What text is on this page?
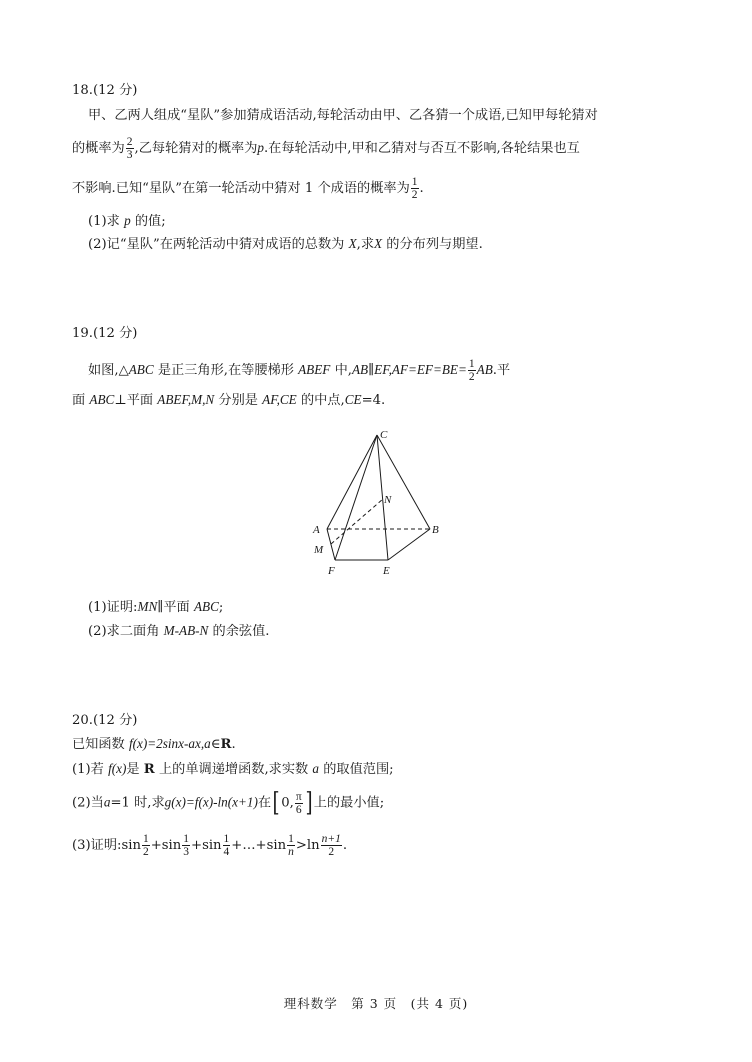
18.(12 分)
甲、乙两人组成“星队”参加猜成语活动,每轮活动由甲、乙各猜一个成语,已知甲每轮猜对
的概率为 $\frac{2}{3}$ ,乙每轮猜对的概率为p.在每轮活动中,甲和乙猜对与否互不影响,各轮结果也互
不影响.已知“星队”在第一轮活动中猜对 1 个成语的概率为 $\frac{1}{2}$ .
(1)求 p 的值;
(2)记“星队”在两轮活动中猜对成语的总数为 X,求X 的分布列与期望.
19.(12 分)
如图,△ABC 是正三角形,在等腰梯形 ABEF 中,AB∥EF,AF=EF=BE= $\frac{1}{2}$ AB.平
面 ABC⊥平面 ABEF,M,N 分别是 AF,CE 的中点,CE=4.
C
N
A	B
M
F	E
(1)证明:MN∥平面 ABC;
(2)求二面角 M-AB-N 的余弦值.
20.(12 分)
已知函数 f(x)=2sinx-ax,a∈R.
(1)若 f(x)是 R 上的单调递增函数,求实数 a 的取值范围;
(2)当a=1 时,求g(x)=f(x)-ln(x+1)在[ 0, $\frac{\pi}{6}$ ] 上的最小值;
(3)证明:sin $\frac{1}{2} +\sin \frac{1}{3} +\sin \frac{1}{4}$ +…+sin $\frac{1}{n} >\ln \frac{n+1}{2}$ .
理科数学　第 3 页　(共 4 页)
